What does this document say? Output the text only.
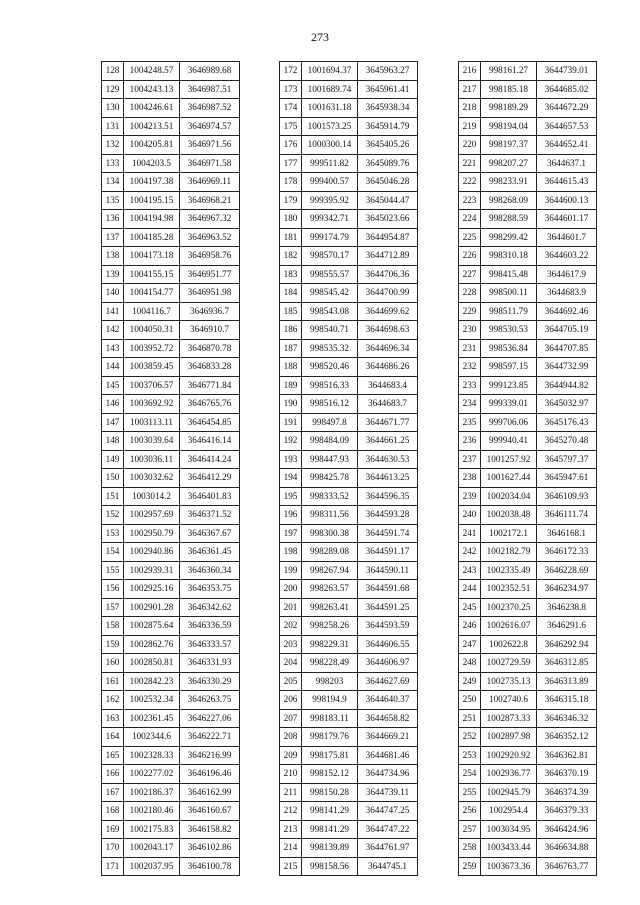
273
128	1004248.57	3646989.68
129	1004243.13	3646987.51
130	1004246.61	3646987.52
131	1004213.51	3646974.57
132	1004205.81	3646971.56
133	1004203.5	3646971.58
134	1004197.38	3646969.11
135	1004195.15	3646968.21
136	1004194.98	3646967.32
137	1004185.28	3646963.52
138	1004173.18	3646958.76
139	1004155.15	3646951.77
140	1004154.77	3646951.98
141	1004116.7	3646936.7
142	1004050.31	3646910.7
143	1003952.72	3646870.78
144	1003859.45	3646833.28
145	1003706.57	3646771.84
146	1003692.92	3646765.76
147	1003113.11	3646454.85
148	1003039.64	3646416.14
149	1003036.11	3646414.24
150	1003032.62	3646412.29
151	1003014.2	3646401.83
152	1002957.69	3646371.52
153	1002950.79	3646367.67
154	1002940.86	3646361.45
155	1002939.31	3646360.34
156	1002925.16	3646353.75
157	1002901.28	3646342.62
158	1002875.64	3646336.59
159	1002862.76	3646333.57
160	1002850.81	3646331.93
161	1002842.23	3646330.29
162	1002532.34	3646263.75
163	1002361.45	3646227.06
164	1002344.6	3646222.71
165	1002328.33	3646216.99
166	1002277.02	3646196.46
167	1002186.37	3646162.99
168	1002180.46	3646160.67
169	1002175.83	3646158.82
170	1002043.17	3646102.86
171	1002037.95	3646100.78
172	1001694.37	3645963.27
173	1001689.74	3645961.41
174	1001631.18	3645938.34
175	1001573.25	3645914.79
176	1000300.14	3645405.26
177	999511.82	3645089.76
178	999400.57	3645046.28
179	999395.92	3645044.47
180	999342.71	3645023.66
181	999174.79	3644954.87
182	998570.17	3644712.89
183	998555.57	3644706.36
184	998545.42	3644700.99
185	998543.08	3644699.62
186	998540.71	3644698.63
187	998535.32	3644696.34
188	998520.46	3644686.26
189	998516.33	3644683.4
190	998516.12	3644683.7
191	998497.8	3644671.77
192	998484.09	3644661.25
193	998447.93	3644630.53
194	998425.78	3644613.25
195	998333.52	3644596.35
196	998311.56	3644593.28
197	998300.38	3644591.74
198	998289.08	3644591.17
199	998267.94	3644590.11
200	998263.57	3644591.68
201	998263.41	3644591.25
202	998258.26	3644593.59
203	998229.31	3644606.55
204	998228.49	3644606.97
205	998203	3644627.69
206	998194.9	3644640.37
207	998183.11	3644658.82
208	998179.76	3644669.21
209	998175.81	3644681.46
210	998152.12	3644734.96
211	998150.28	3644739.11
212	998141.29	3644747.25
213	998141.29	3644747.22
214	998139.89	3644761.97
215	998158.56	3644745.1
216	998161.27	3644739.01
217	998185.18	3644685.02
218	998189.29	3644672.29
219	998194.04	3644657.53
220	998197.37	3644652.41
221	998207.27	3644637.1
222	998233.91	3644615.43
223	998268.09	3644600.13
224	998288.59	3644601.17
225	998299.42	3644601.7
226	998310.18	3644603.22
227	998415.48	3644617.9
228	998500.11	3644683.9
229	998511.79	3644692.46
230	998530.53	3644705.19
231	998536.84	3644707.85
232	998597.15	3644732.99
233	999123.85	3644944.82
234	999339.01	3645032.97
235	999706.06	3645176.43
236	999940.41	3645270.48
237	1001257.92	3645797.37
238	1001627.44	3645947.61
239	1002034.04	3646109.93
240	1002038.48	3646111.74
241	1002172.1	3646168.1
242	1002182.79	3646172.33
243	1002335.49	3646228.69
244	1002352.51	3646234.97
245	1002370.25	3646238.8
246	1002616.07	3646291.6
247	1002622.8	3646292.94
248	1002729.59	3646312.85
249	1002735.13	3646313.89
250	1002740.6	3646315.18
251	1002873.33	3646346.32
252	1002897.98	3646352.12
253	1002920.92	3646362.81
254	1002936.77	3646370.19
255	1002945.79	3646374.39
256	1002954.4	3646379.33
257	1003034.95	3646424.96
258	1003433.44	3646634.88
259	1003673.36	3646763.77
